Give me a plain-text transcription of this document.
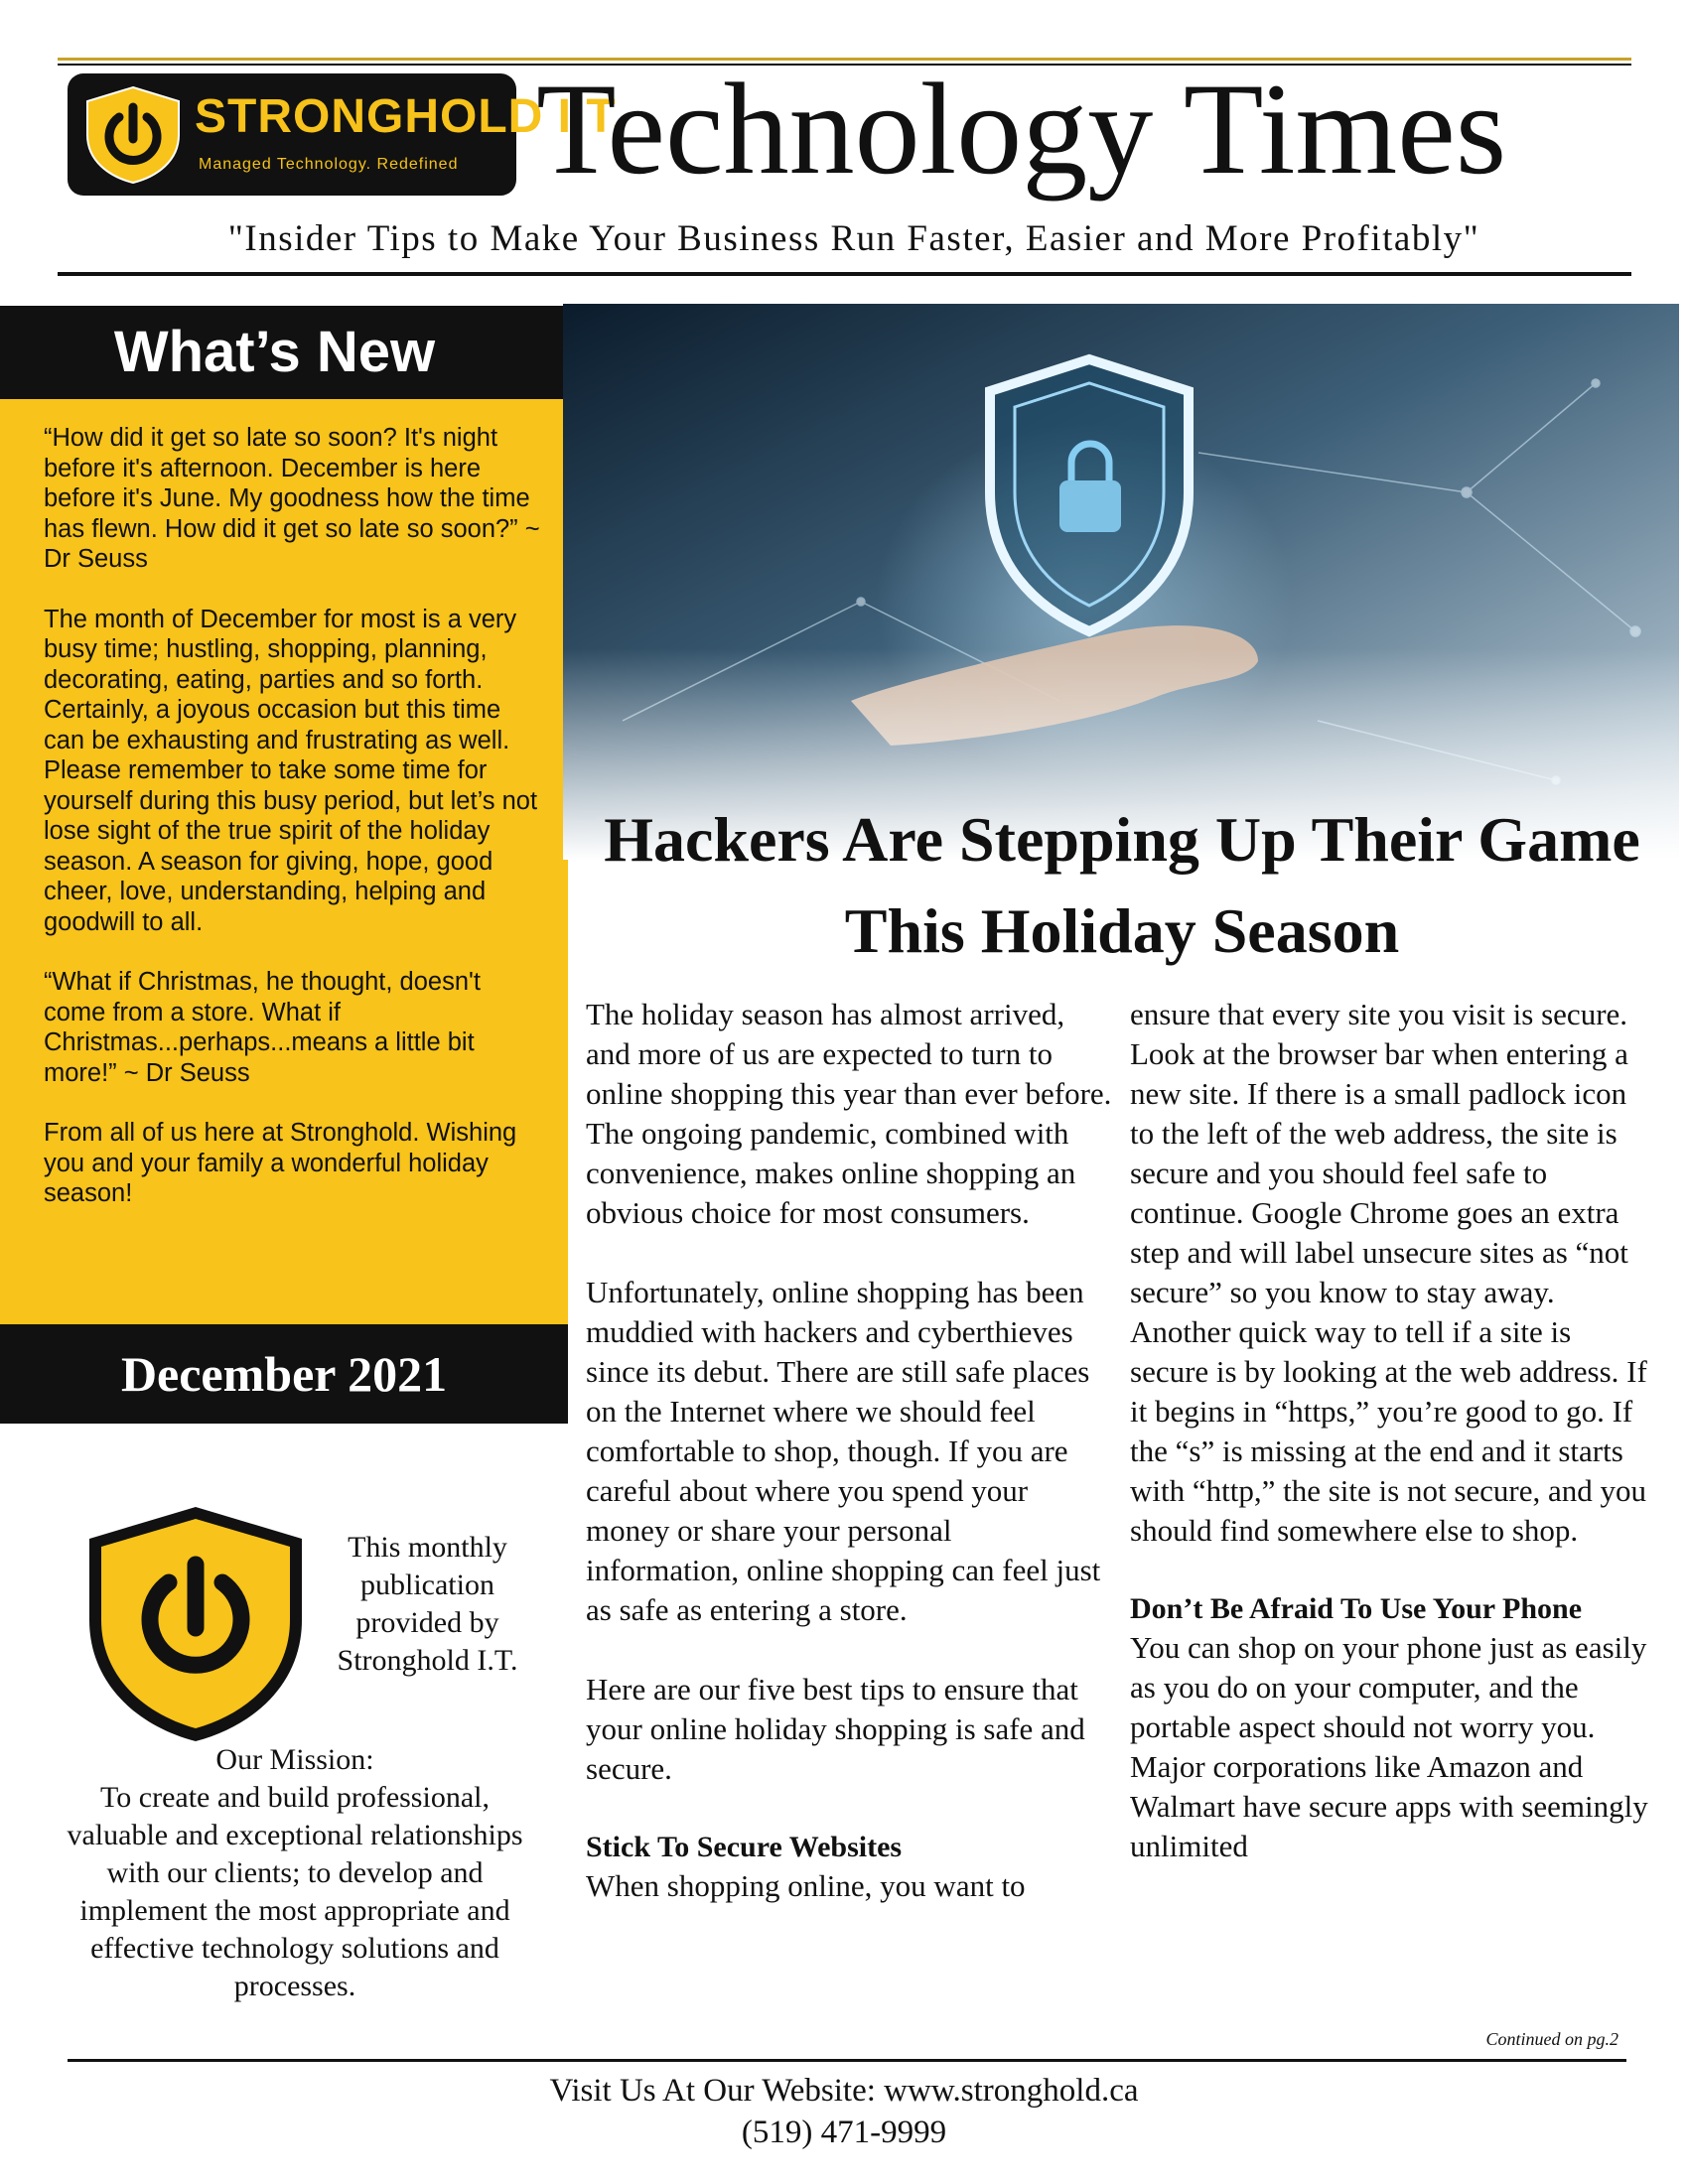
STRONGHOLD I.T.
Managed Technology. Redefined Technology Times
"Insider Tips to Make Your Business Run Faster, Easier and More Profitably"
What’s New

“How did it get so late so soon? It's night before it's afternoon. December is here before it's June. My goodness how the time has flewn. How did it get so late so soon?” ~ Dr Seuss

The month of December for most is a very busy time; hustling, shopping, planning, decorating, eating, parties and so forth. Certainly, a joyous occasion but this time can be exhausting and frustrating as well. Please remember to take some time for yourself during this busy period, but let’s not lose sight of the true spirit of the holiday season. A season for giving, hope, good cheer, love, understanding, helping and goodwill to all.

“What if Christmas, he thought, doesn't come from a store. What if Christmas...perhaps...means a little bit more!” ~ Dr Seuss

From all of us here at Stronghold. Wishing you and your family a wonderful holiday season!

December 2021
This monthly publication provided by Stronghold I.T.
Our Mission:
To create and build professional, valuable and exceptional relationships with our clients; to develop and implement the most appropriate and effective technology solutions and processes.
Hackers Are Stepping Up Their Game This Holiday Season

The holiday season has almost arrived, and more of us are expected to turn to online shopping this year than ever before. The ongoing pandemic, combined with convenience, makes online shopping an obvious choice for most consumers.

Unfortunately, online shopping has been muddied with hackers and cyberthieves since its debut. There are still safe places on the Internet where we should feel comfortable to shop, though. If you are careful about where you spend your money or share your personal information, online shopping can feel just as safe as entering a store.

Here are our five best tips to ensure that your online holiday shopping is safe and secure.

Stick To Secure Websites
When shopping online, you want to

ensure that every site you visit is secure. Look at the browser bar when entering a new site. If there is a small padlock icon to the left of the web address, the site is secure and you should feel safe to continue. Google Chrome goes an extra step and will label unsecure sites as “not secure” so you know to stay away. Another quick way to tell if a site is secure is by looking at the web address. If it begins in “https,” you’re good to go. If the “s” is missing at the end and it starts with “http,” the site is not secure, and you should find somewhere else to shop.

Don’t Be Afraid To Use Your Phone
You can shop on your phone just as easily as you do on your computer, and the portable aspect should not worry you. Major corporations like Amazon and Walmart have secure apps with seemingly unlimited
Continued on pg.2
Visit Us At Our Website: www.stronghold.ca
(519) 471-9999
